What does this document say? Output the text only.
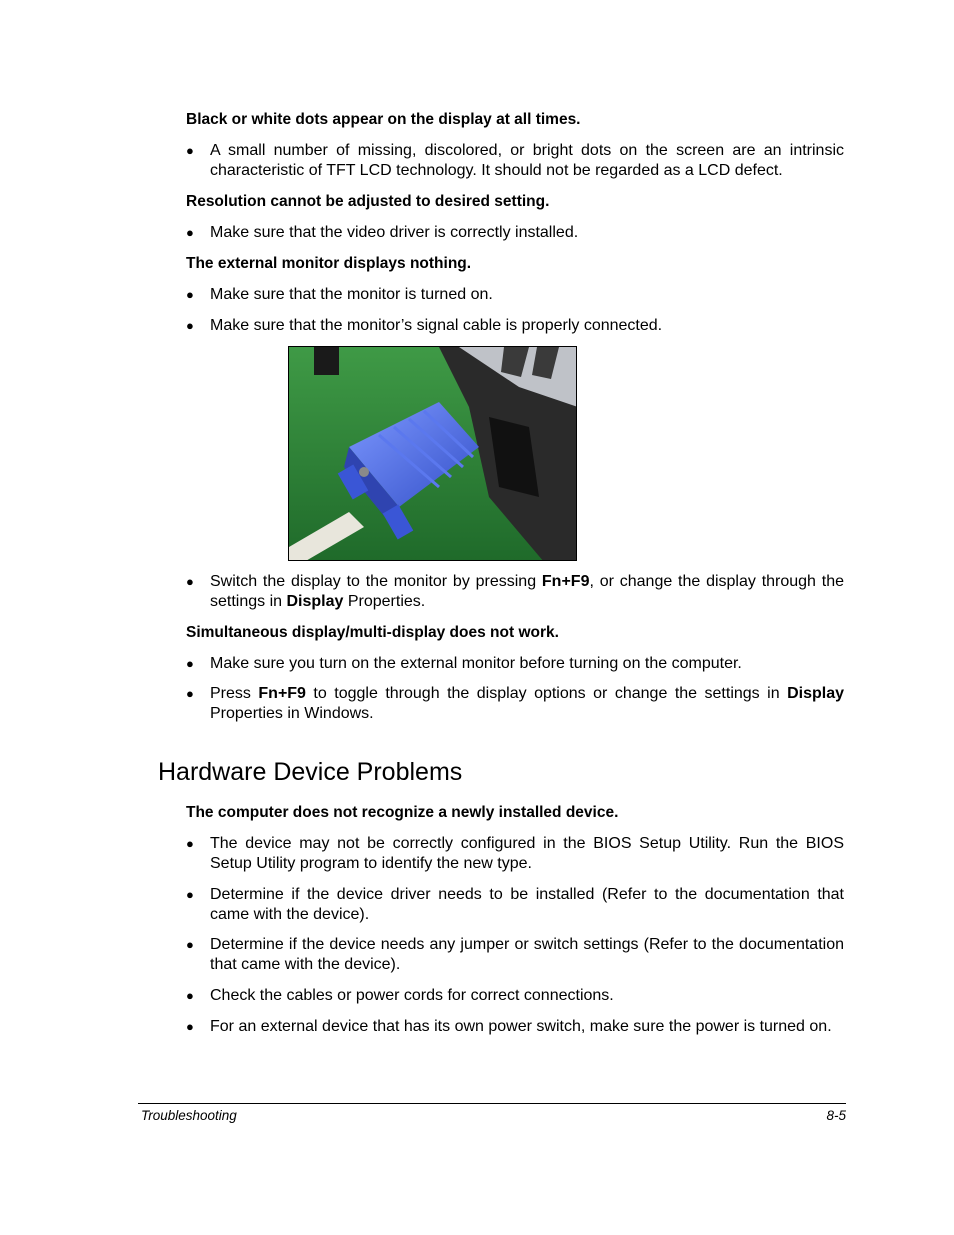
Black or white dots appear on the display at all times.

● A small number of missing, discolored, or bright dots on the screen are an intrinsic characteristic of TFT LCD technology. It should not be regarded as a LCD defect.

Resolution cannot be adjusted to desired setting.

● Make sure that the video driver is correctly installed.

The external monitor displays nothing.

● Make sure that the monitor is turned on.
● Make sure that the monitor’s signal cable is properly connected.
● Switch the display to the monitor by pressing Fn+F9, or change the display through the settings in Display Properties.

Simultaneous display/multi-display does not work.

● Make sure you turn on the external monitor before turning on the computer.
● Press Fn+F9 to toggle through the display options or change the settings in Display Properties in Windows.
Hardware Device Problems

The computer does not recognize a newly installed device.

● The device may not be correctly configured in the BIOS Setup Utility. Run the BIOS Setup Utility program to identify the new type.
● Determine if the device driver needs to be installed (Refer to the documentation that came with the device).
● Determine if the device needs any jumper or switch settings (Refer to the documentation that came with the device).
● Check the cables or power cords for correct connections.
● For an external device that has its own power switch, make sure the power is turned on.
Troubleshooting	8-5
